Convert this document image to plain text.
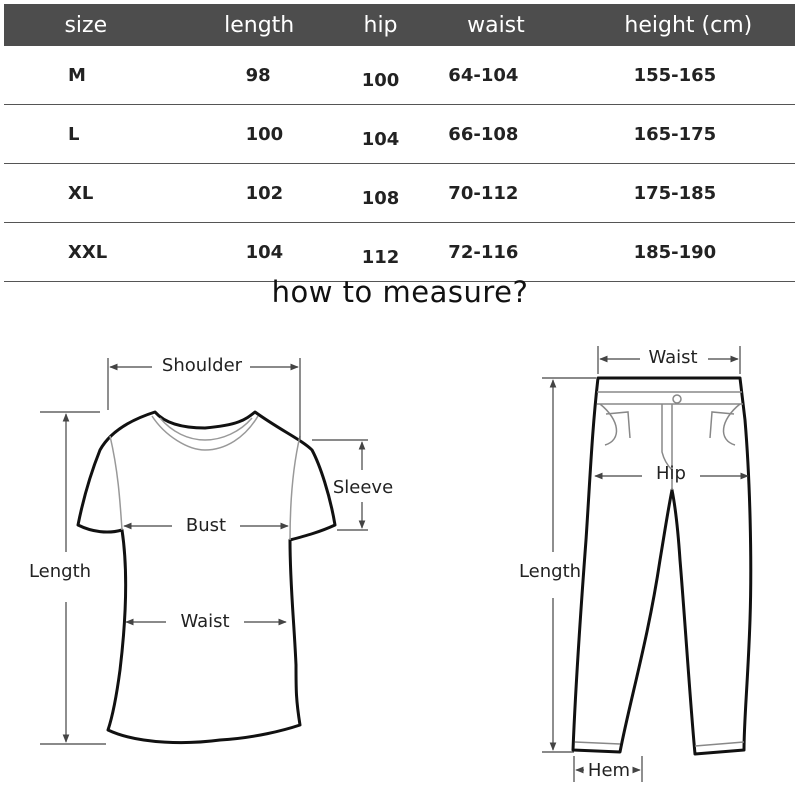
size	length	hip	waist	height (cm)
M	98	100	64-104	155-165
L	100	104	66-108	165-175
XL	102	108	70-112	175-185
XXL	104	112	72-116	185-190
how to measure?
Shoulder
Sleeve
Bust
Length
Waist
Waist
Hip
Length
Hem
